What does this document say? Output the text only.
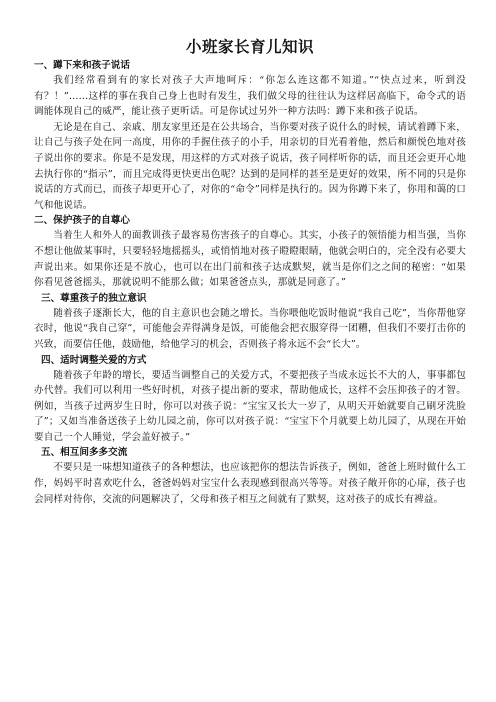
小班家长育儿知识

一、蹲下来和孩子说话

我们经常看到有的家长对孩子大声地呵斥：“你怎么连这都不知道。”“快点过来，听到没有？！”……这样的事在我自己身上也时有发生，我们做父母的往往认为这样居高临下，命令式的语调能体现自己的威严，能让孩子更听话。可是你试过另外一种方法吗：蹲下来和孩子说话。

无论是在自己、亲戚、朋友家里还是在公共场合，当你要对孩子说什么的时候，请试着蹲下来，让自己与孩子处在同一高度，用你的手握住孩子的小手，用亲切的目光看着他，然后和颜悦色地对孩子说出你的要求。你是不是发现，用这样的方式对孩子说话，孩子同样听你的话，而且还会更开心地去执行你的“指示”，而且完成得更快更出色呢？达到的是同样的甚至是更好的效果，所不同的只是你说话的方式而已，而孩子却更开心了，对你的“命令”同样是执行的。因为你蹲下来了，你用和蔼的口气和他说话。

二、保护孩子的自尊心

当着生人和外人的面教训孩子最容易伤害孩子的自尊心。其实，小孩子的领悟能力相当强，当你不想让他做某事时，只要轻轻地摇摇头，或悄悄地对孩子瞪瞪眼睛，他就会明白的，完全没有必要大声说出来。如果你还是不放心，也可以在出门前和孩子达成默契，就当是你们之之间的秘密：“如果你看见爸爸摇头，那就说明不能那么做；如果爸爸点头，那就是同意了。”

三、尊重孩子的独立意识

随着孩子逐渐长大，他的自主意识也会随之增长。当你喂他吃饭时他说“我自己吃”，当你帮他穿衣时，他说“我自己穿”，可能他会弄得满身是饭，可能他会把衣服穿得一团糟，但我们不要打击你的兴致，而要信任他，鼓励他，给他学习的机会，否则孩子将永远不会“长大”。

四、适时调整关爱的方式

随着孩子年龄的增长，要适当调整自己的关爱方式，不要把孩子当成永远长不大的人，事事都包办代替。我们可以利用一些好时机，对孩子提出新的要求，帮助他成长，这样不会压抑孩子的才智。例如，当孩子过两岁生日时，你可以对孩子说：“宝宝又长大一岁了，从明天开始就要自己刷牙洗脸了”；又如当准备送孩子上幼儿园之前，你可以对孩子说：“宝宝下个月就要上幼儿园了，从现在开始要自己一个人睡觉，学会盖好被子。”

五、相互间多多交流

不要只是一味想知道孩子的各种想法，也应该把你的想法告诉孩子，例如，爸爸上班时做什么工作，妈妈平时喜欢吃什么，爸爸妈妈对宝宝什么表现感到很高兴等等。对孩子敞开你的心扉，孩子也会同样对待你，交流的问题解决了，父母和孩子相互之间就有了默契，这对孩子的成长有裨益。
